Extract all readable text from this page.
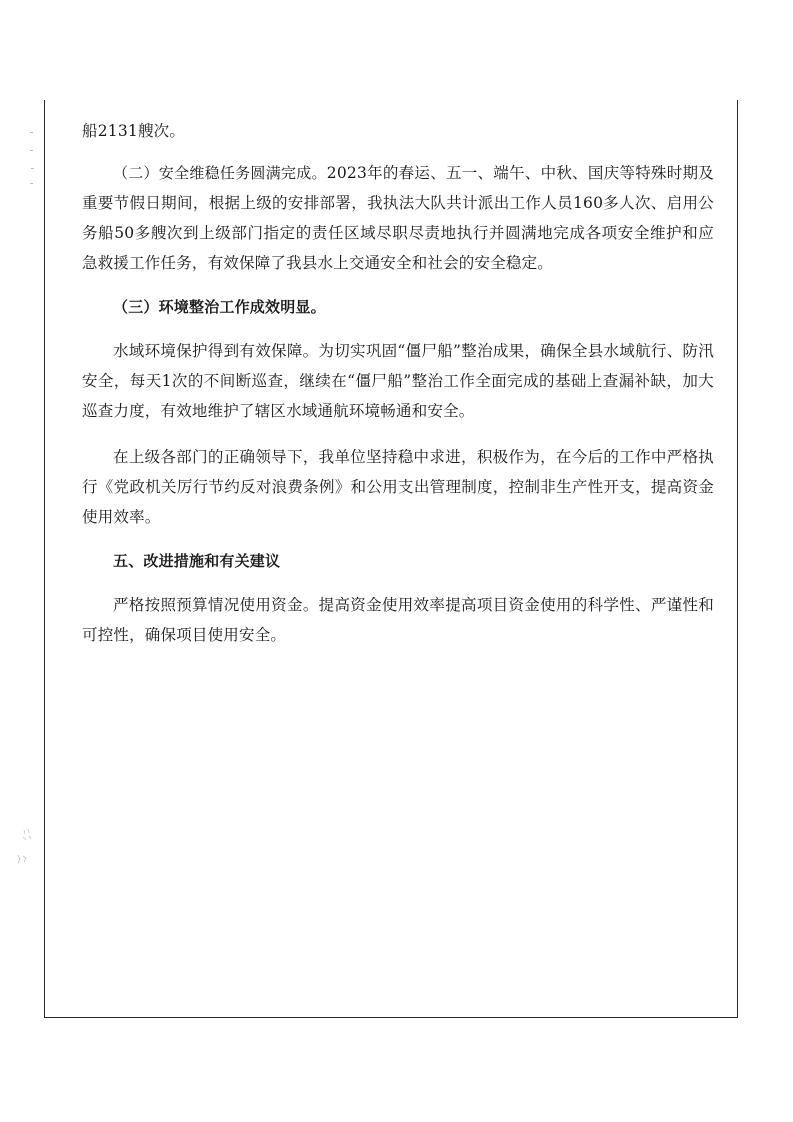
船2131艘次。

（二）安全维稳任务圆满完成。2023年的春运、五一、端午、中秋、国庆等特殊时期及重要节假日期间，根据上级的安排部署，我执法大队共计派出工作人员160多人次、启用公务船50多艘次到上级部门指定的责任区域尽职尽责地执行并圆满地完成各项安全维护和应急救援工作任务，有效保障了我县水上交通安全和社会的安全稳定。

（三）环境整治工作成效明显。

水域环境保护得到有效保障。为切实巩固“僵尸船”整治成果，确保全县水域航行、防汛安全，每天1次的不间断巡查，继续在“僵尸船”整治工作全面完成的基础上查漏补缺，加大巡查力度，有效地维护了辖区水域通航环境畅通和安全。

在上级各部门的正确领导下，我单位坚持稳中求进，积极作为，在今后的工作中严格执行《党政机关厉行节约反对浪费条例》和公用支出管理制度，控制非生产性开支，提高资金使用效率。

五、改进措施和有关建议

严格按照预算情况使用资金。提高资金使用效率提高项目资金使用的科学性、严谨性和可控性，确保项目使用安全。
